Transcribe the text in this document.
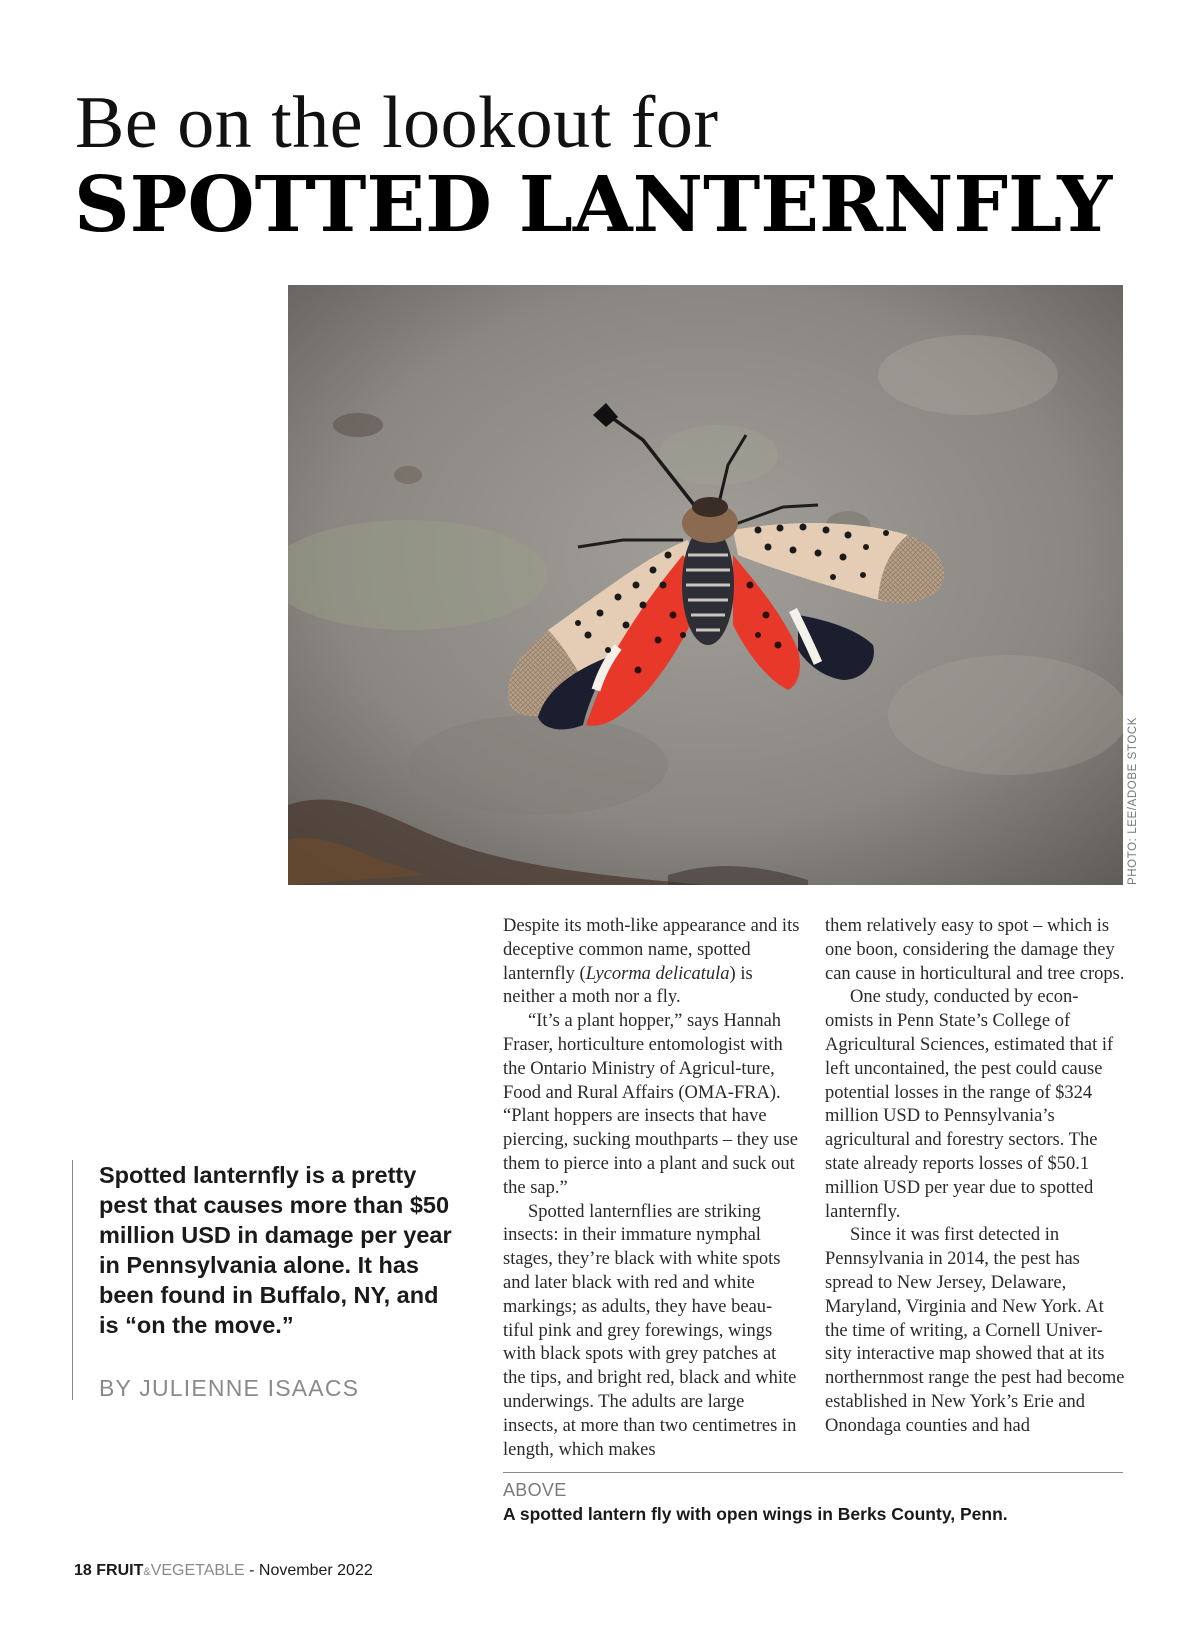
Be on the lookout for
SPOTTED LANTERNFLY
PHOTO: LEE/ADOBE STOCK

Spotted lanternfly is a pretty pest that causes more than $50 million USD in damage per year in Pennsylvania alone. It has been found in Buffalo, NY, and is “on the move.”

BY JULIENNE ISAACS

Despite its moth-like appearance and its deceptive common name, spotted lanternfly (Lycorma delicatula) is neither a moth nor a fly.

“It’s a plant hopper,” says Hannah Fraser, horticulture entomologist with the Ontario Ministry of Agricul-ture, Food and Rural Affairs (OMA-FRA). “Plant hoppers are insects that have piercing, sucking mouthparts – they use them to pierce into a plant and suck out the sap.”

Spotted lanternflies are striking insects: in their immature nymphal stages, they’re black with white spots and later black with red and white markings; as adults, they have beau-tiful pink and grey forewings, wings with black spots with grey patches at the tips, and bright red, black and white underwings. The adults are large insects, at more than two centimetres in length, which makes

them relatively easy to spot – which is one boon, considering the damage they can cause in horticultural and tree crops.

One study, conducted by econ-omists in Penn State’s College of Agricultural Sciences, estimated that if left uncontained, the pest could cause potential losses in the range of $324 million USD to Pennsylvania’s agricultural and forestry sectors. The state already reports losses of $50.1 million USD per year due to spotted lanternfly.

Since it was first detected in Pennsylvania in 2014, the pest has spread to New Jersey, Delaware, Maryland, Virginia and New York. At the time of writing, a Cornell Univer-sity interactive map showed that at its northernmost range the pest had become established in New York’s Erie and Onondaga counties and had

ABOVE
A spotted lantern fly with open wings in Berks County, Penn.
18 FRUIT&VEGETABLE - November 2022
